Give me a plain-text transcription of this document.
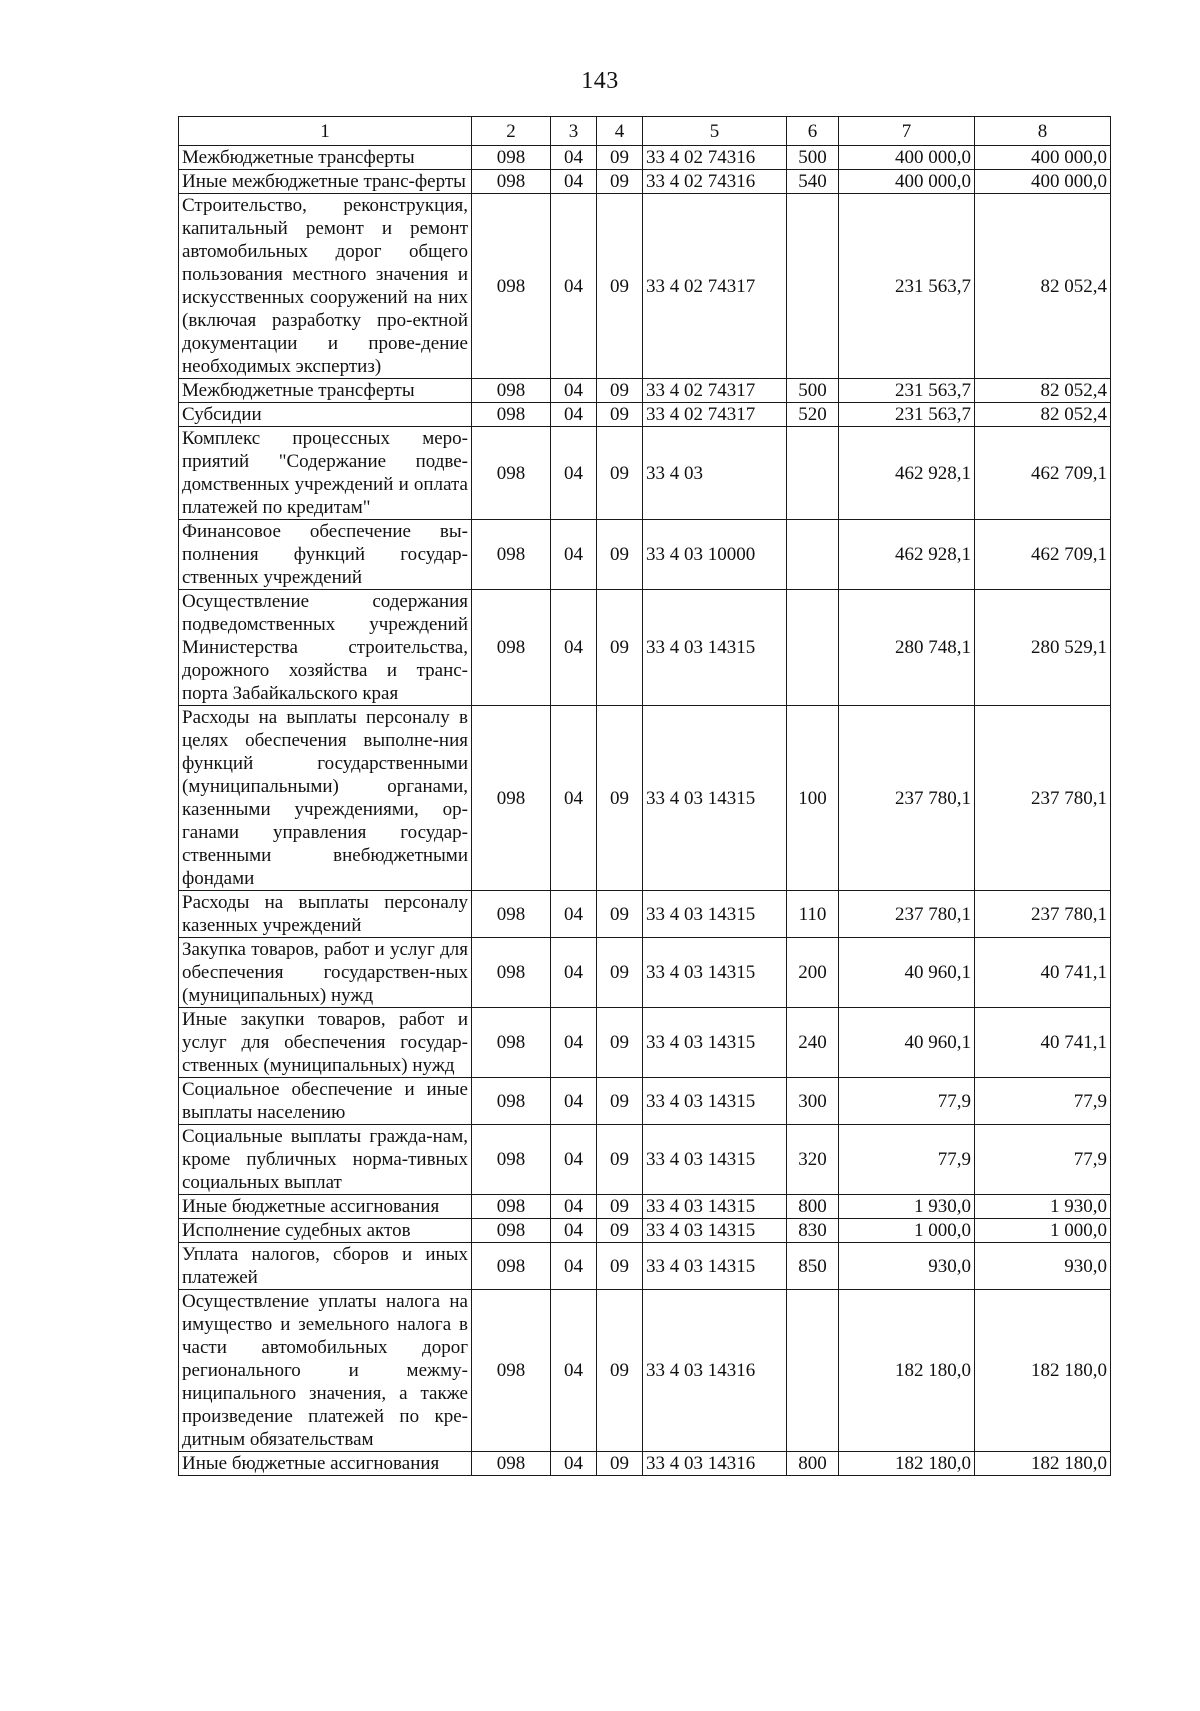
143
1	2	3	4	5	6	7	8
Межбюджетные трансферты	098	04	09	33 4 02 74316	500	400 000,0	400 000,0
Иные межбюджетные транс-ферты	098	04	09	33 4 02 74316	540	400 000,0	400 000,0
Строительство, реконструкция, капитальный ремонт и ремонт автомобильных дорог общего пользования местного значения и искусственных сооружений на них (включая разработку про-ектной документации и прове-дение необходимых экспертиз)	098	04	09	33 4 02 74317		231 563,7	82 052,4
Межбюджетные трансферты	098	04	09	33 4 02 74317	500	231 563,7	82 052,4
Субсидии	098	04	09	33 4 02 74317	520	231 563,7	82 052,4
Комплекс процессных меро-приятий "Содержание подве-домственных учреждений и оплата платежей по кредитам"	098	04	09	33 4 03		462 928,1	462 709,1
Финансовое обеспечение вы-полнения функций государ-ственных учреждений	098	04	09	33 4 03 10000		462 928,1	462 709,1
Осуществление содержания подведомственных учреждений Министерства строительства, дорожного хозяйства и транс-порта Забайкальского края	098	04	09	33 4 03 14315		280 748,1	280 529,1
Расходы на выплаты персоналу в целях обеспечения выполне-ния функций государственными (муниципальными) органами, казенными учреждениями, ор-ганами управления государ-ственными внебюджетными фондами	098	04	09	33 4 03 14315	100	237 780,1	237 780,1
Расходы на выплаты персоналу казенных учреждений	098	04	09	33 4 03 14315	110	237 780,1	237 780,1
Закупка товаров, работ и услуг для обеспечения государствен-ных (муниципальных) нужд	098	04	09	33 4 03 14315	200	40 960,1	40 741,1
Иные закупки товаров, работ и услуг для обеспечения государ-ственных (муниципальных) нужд	098	04	09	33 4 03 14315	240	40 960,1	40 741,1
Социальное обеспечение и иные выплаты населению	098	04	09	33 4 03 14315	300	77,9	77,9
Социальные выплаты гражда-нам, кроме публичных норма-тивных социальных выплат	098	04	09	33 4 03 14315	320	77,9	77,9
Иные бюджетные ассигнования	098	04	09	33 4 03 14315	800	1 930,0	1 930,0
Исполнение судебных актов	098	04	09	33 4 03 14315	830	1 000,0	1 000,0
Уплата налогов, сборов и иных платежей	098	04	09	33 4 03 14315	850	930,0	930,0
Осуществление уплаты налога на имущество и земельного налога в части автомобильных дорог регионального и межму-ниципального значения, а также произведение платежей по кре-дитным обязательствам	098	04	09	33 4 03 14316		182 180,0	182 180,0
Иные бюджетные ассигнования	098	04	09	33 4 03 14316	800	182 180,0	182 180,0
